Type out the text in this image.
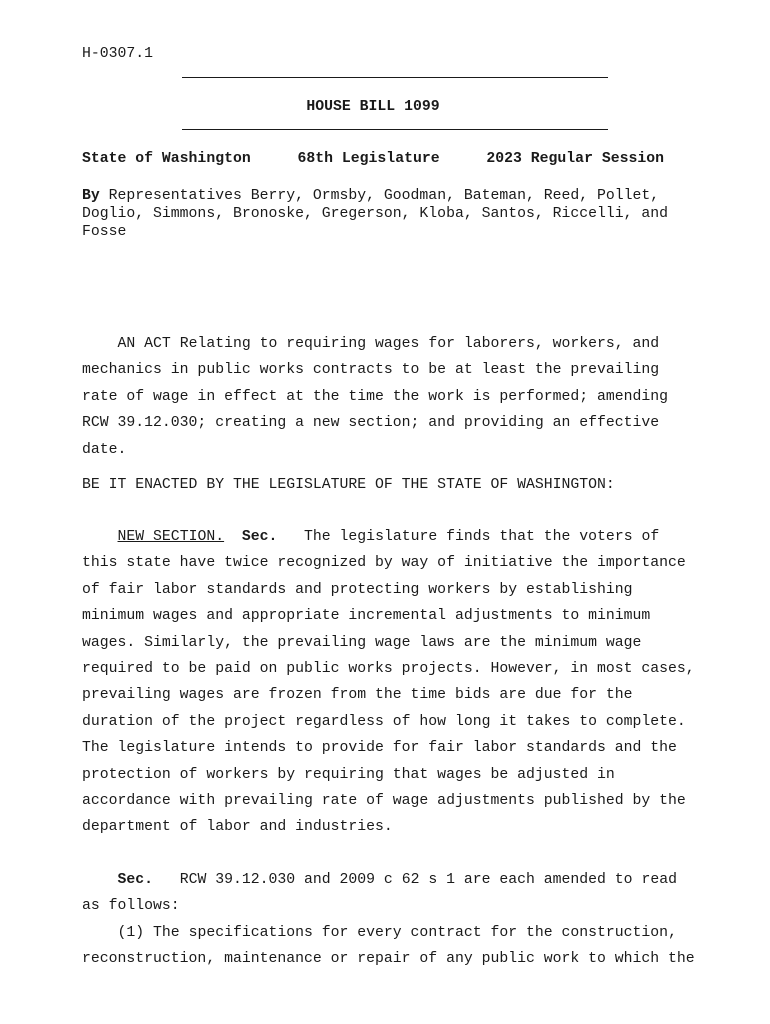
H-0307.1
HOUSE BILL 1099
State of Washington	68th Legislature	2023 Regular Session
By Representatives Berry, Ormsby, Goodman, Bateman, Reed, Pollet,
Doglio, Simmons, Bronoske, Gregerson, Kloba, Santos, Riccelli, and
Fosse
AN ACT Relating to requiring wages for laborers, workers, and
mechanics in public works contracts to be at least the prevailing
rate of wage in effect at the time the work is performed; amending
RCW 39.12.030; creating a new section; and providing an effective
date.
BE IT ENACTED BY THE LEGISLATURE OF THE STATE OF WASHINGTON:
NEW SECTION. Sec.   The legislature finds that the voters of
this state have twice recognized by way of initiative the importance
of fair labor standards and protecting workers by establishing
minimum wages and appropriate incremental adjustments to minimum
wages. Similarly, the prevailing wage laws are the minimum wage
required to be paid on public works projects. However, in most cases,
prevailing wages are frozen from the time bids are due for the
duration of the project regardless of how long it takes to complete.
The legislature intends to provide for fair labor standards and the
protection of workers by requiring that wages be adjusted in
accordance with prevailing rate of wage adjustments published by the
department of labor and industries.
Sec.   RCW 39.12.030 and 2009 c 62 s 1 are each amended to read
as follows:
(1) The specifications for every contract for the construction,
reconstruction, maintenance or repair of any public work to which the
